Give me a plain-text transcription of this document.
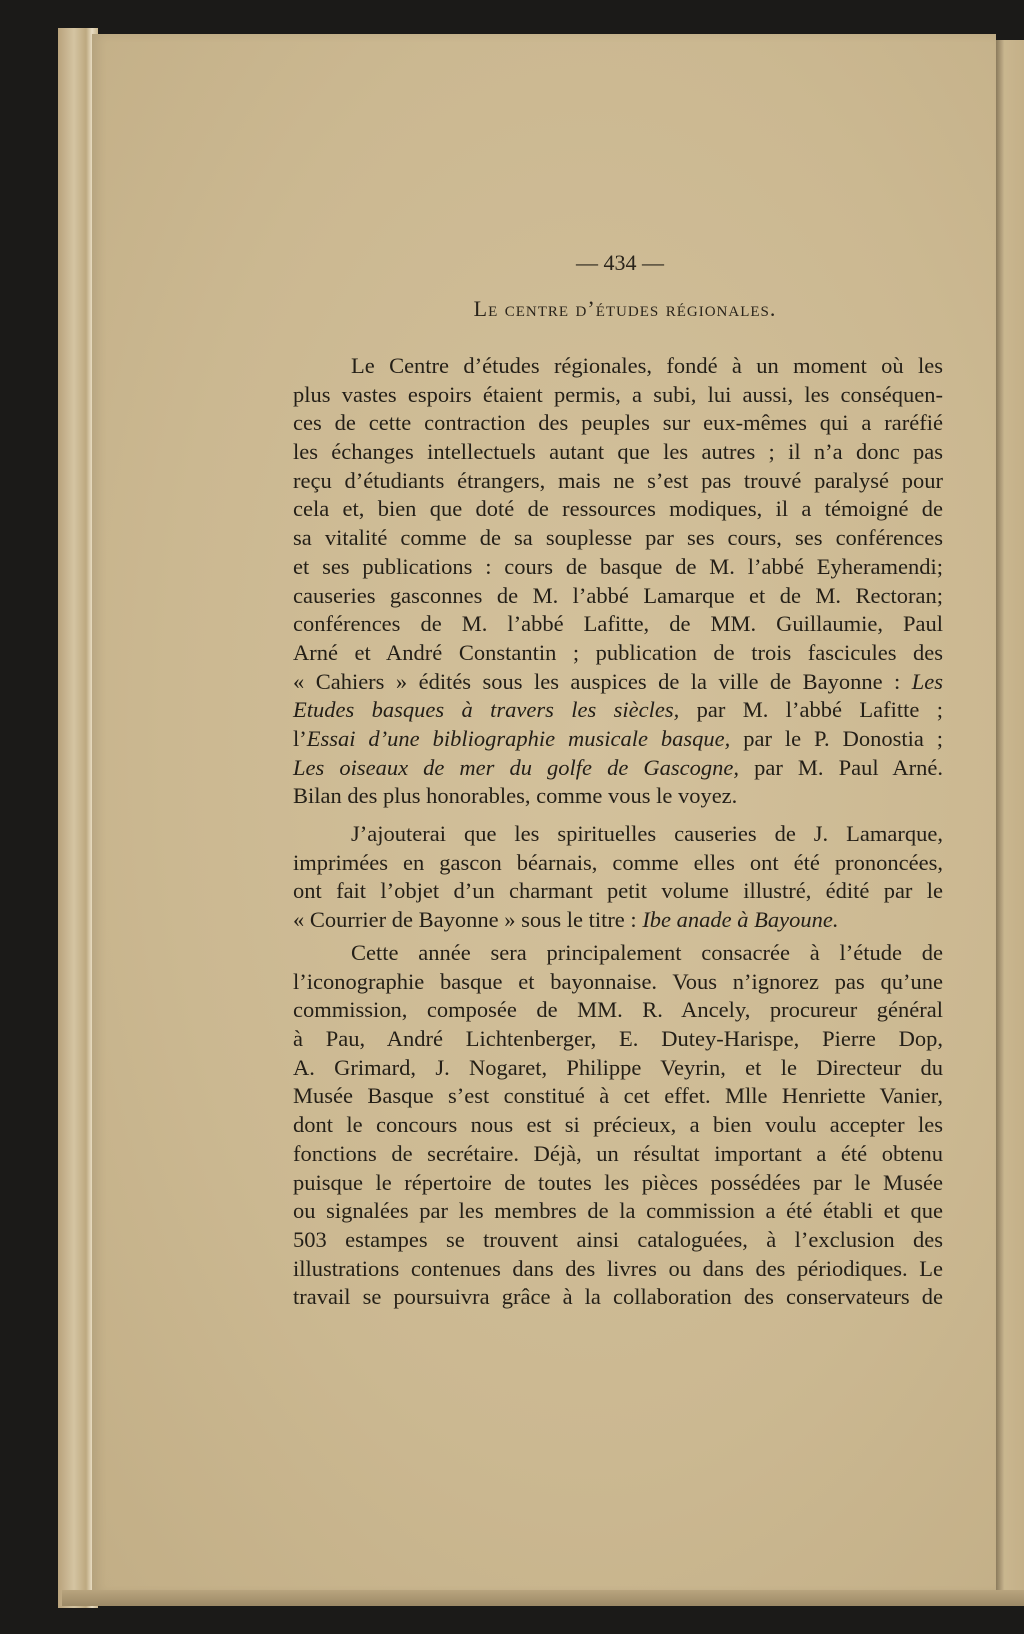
— 434 —
Le centre d’études régionales.
Le Centre d’études régionales, fondé à un moment où les
plus vastes espoirs étaient permis, a subi, lui aussi, les conséquen-
ces de cette contraction des peuples sur eux-mêmes qui a raréfié
les échanges intellectuels autant que les autres ; il n’a donc pas
reçu d’étudiants étrangers, mais ne s’est pas trouvé paralysé pour
cela et, bien que doté de ressources modiques, il a témoigné de
sa vitalité comme de sa souplesse par ses cours, ses conférences
et ses publications : cours de basque de M. l’abbé Eyheramendi;
causeries gasconnes de M. l’abbé Lamarque et de M. Rectoran;
conférences de M. l’abbé Lafitte, de MM. Guillaumie, Paul
Arné et André Constantin ; publication de trois fascicules des
« Cahiers » édités sous les auspices de la ville de Bayonne : Les
Etudes basques à travers les siècles, par M. l’abbé Lafitte ;
l’Essai d’une bibliographie musicale basque, par le P. Donostia ;
Les oiseaux de mer du golfe de Gascogne, par M. Paul Arné.
Bilan des plus honorables, comme vous le voyez.
J’ajouterai que les spirituelles causeries de J. Lamarque,
imprimées en gascon béarnais, comme elles ont été prononcées,
ont fait l’objet d’un charmant petit volume illustré, édité par le
« Courrier de Bayonne » sous le titre : Ibe anade à Bayoune.
Cette année sera principalement consacrée à l’étude de
l’iconographie basque et bayonnaise. Vous n’ignorez pas qu’une
commission, composée de MM. R. Ancely, procureur général
à Pau, André Lichtenberger, E. Dutey-Harispe, Pierre Dop,
A. Grimard, J. Nogaret, Philippe Veyrin, et le Directeur du
Musée Basque s’est constitué à cet effet. Mlle Henriette Vanier,
dont le concours nous est si précieux, a bien voulu accepter les
fonctions de secrétaire. Déjà, un résultat important a été obtenu
puisque le répertoire de toutes les pièces possédées par le Musée
ou signalées par les membres de la commission a été établi et que
503 estampes se trouvent ainsi cataloguées, à l’exclusion des
illustrations contenues dans des livres ou dans des périodiques. Le
travail se poursuivra grâce à la collaboration des conservateurs de
